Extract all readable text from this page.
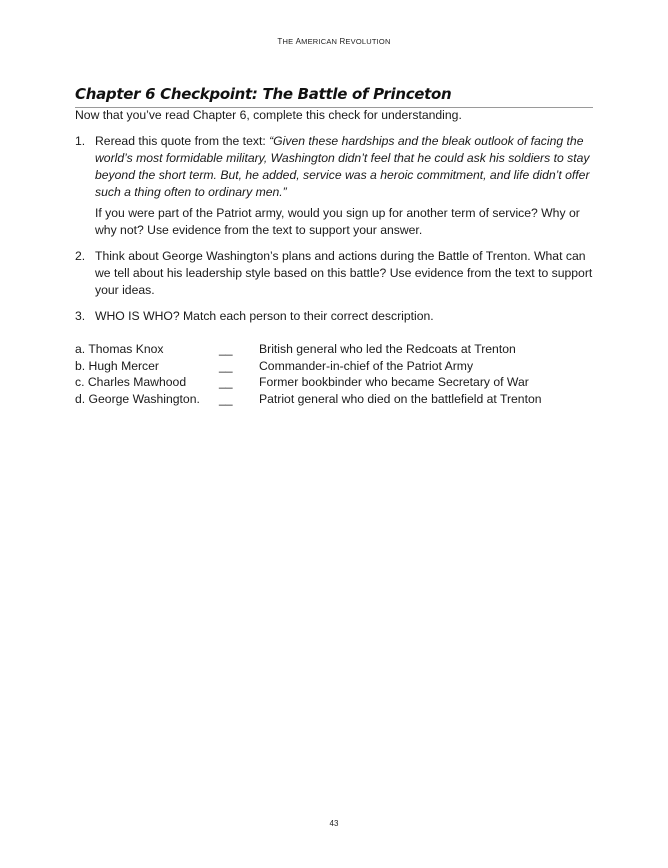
THE AMERICAN REVOLUTION
Chapter 6 Checkpoint: The Battle of Princeton

Now that you’ve read Chapter 6, complete this check for understanding.

1. Reread this quote from the text: “Given these hardships and the bleak outlook of facing the world’s most formidable military, Washington didn’t feel that he could ask his soldiers to stay beyond the short term. But, he added, service was a heroic commitment, and life didn’t offer such a thing often to ordinary men.”

If you were part of the Patriot army, would you sign up for another term of service? Why or why not? Use evidence from the text to support your answer.

2. Think about George Washington’s plans and actions during the Battle of Trenton. What can we tell about his leadership style based on this battle? Use evidence from the text to support your ideas.

3. WHO IS WHO? Match each person to their correct description.

a. Thomas Knox	__	British general who led the Redcoats at Trenton
b. Hugh Mercer	__	Commander-in-chief of the Patriot Army
c. Charles Mawhood	__	Former bookbinder who became Secretary of War
d. George Washington.	__	Patriot general who died on the battlefield at Trenton
43
